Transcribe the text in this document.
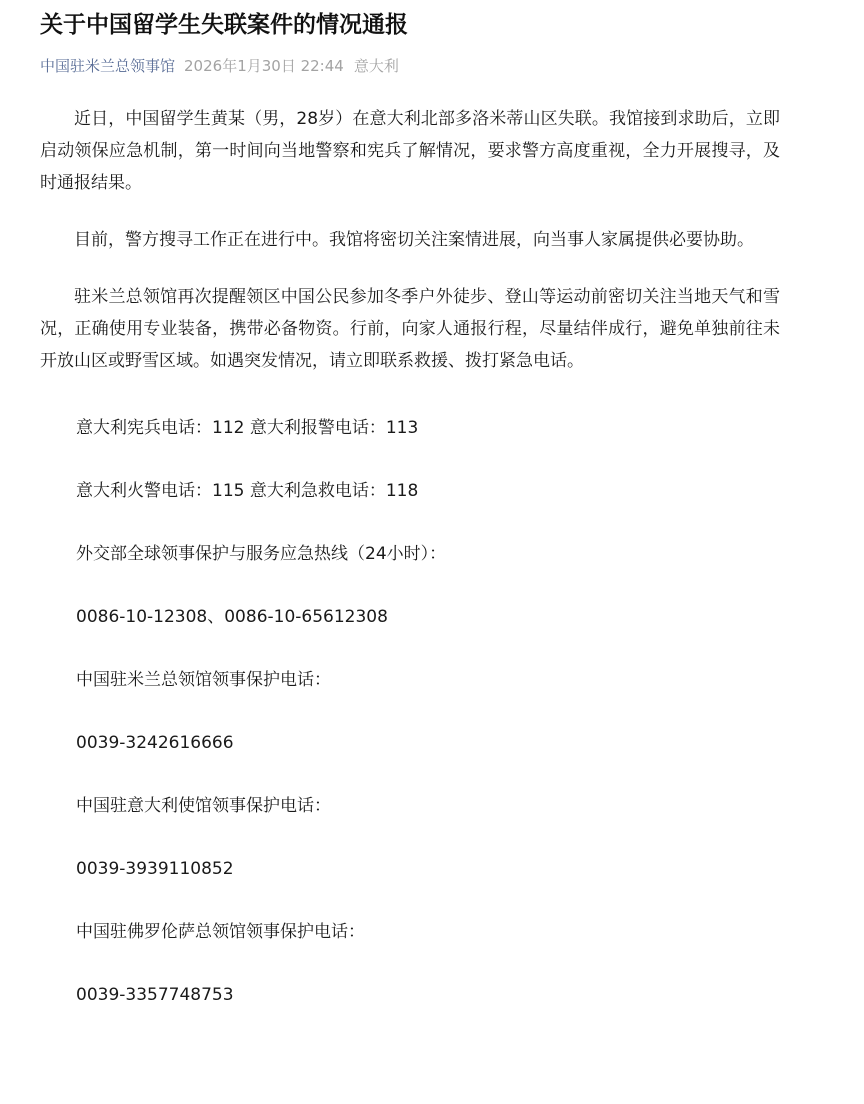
关于中国留学生失联案件的情况通报
中国驻米兰总领事馆 2026年1月30日 22:44 意大利

近日，中国留学生黄某（男，28岁）在意大利北部多洛米蒂山区失联。我馆接到求助后，立即启动领保应急机制，第一时间向当地警察和宪兵了解情况，要求警方高度重视，全力开展搜寻，及时通报结果。

目前，警方搜寻工作正在进行中。我馆将密切关注案情进展，向当事人家属提供必要协助。

驻米兰总领馆再次提醒领区中国公民参加冬季户外徒步、登山等运动前密切关注当地天气和雪况，正确使用专业装备，携带必备物资。行前，向家人通报行程，尽量结伴成行，避免单独前往未开放山区或野雪区域。如遇突发情况，请立即联系救援、拨打紧急电话。

意大利宪兵电话：112 意大利报警电话：113

意大利火警电话：115 意大利急救电话：118

外交部全球领事保护与服务应急热线（24小时）：

0086-10-12308、0086-10-65612308

中国驻米兰总领馆领事保护电话：

0039-3242616666

中国驻意大利使馆领事保护电话：

0039-3939110852

中国驻佛罗伦萨总领馆领事保护电话：

0039-3357748753
